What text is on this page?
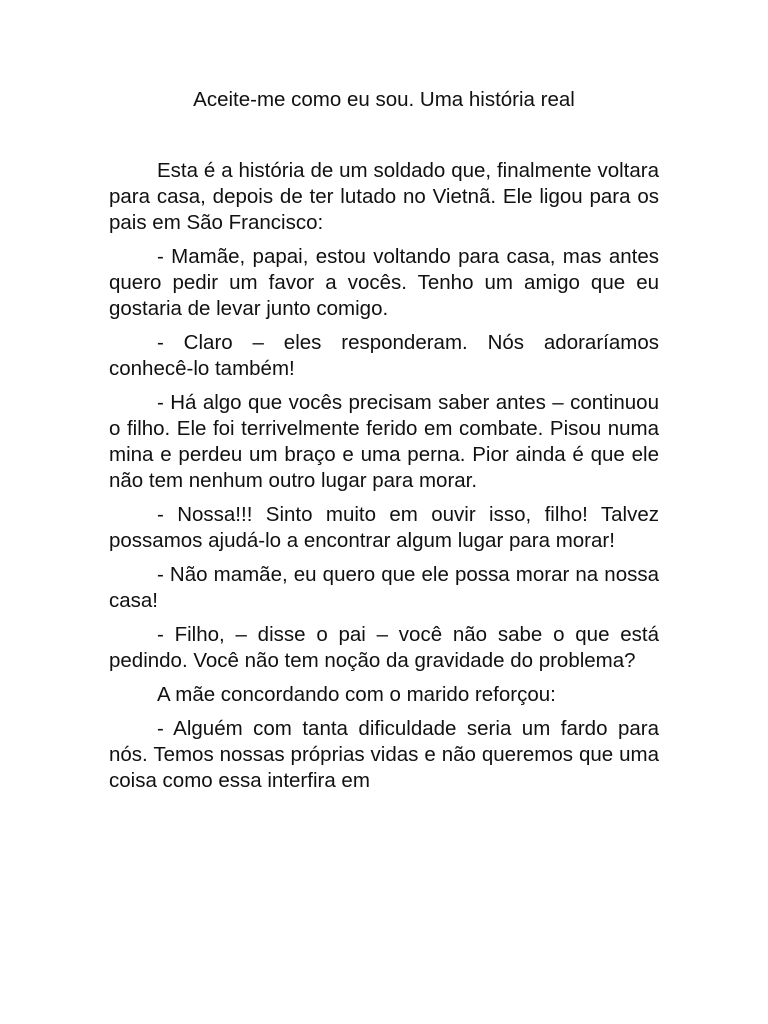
Aceite-me como eu sou. Uma história real

Esta é a história de um soldado que, finalmente voltara para casa, depois de ter lutado no Vietnã. Ele ligou para os pais em São Francisco:

- Mamãe, papai, estou voltando para casa, mas antes quero pedir um favor a vocês. Tenho um amigo que eu gostaria de levar junto comigo.

- Claro – eles responderam. Nós adoraríamos conhecê-lo também!

- Há algo que vocês precisam saber antes – continuou o filho. Ele foi terrivelmente ferido em combate. Pisou numa mina e perdeu um braço e uma perna. Pior ainda é que ele não tem nenhum outro lugar para morar.

- Nossa!!! Sinto muito em ouvir isso, filho! Talvez possamos ajudá-lo a encontrar algum lugar para morar!

- Não mamãe, eu quero que ele possa morar na nossa casa!

- Filho, – disse o pai – você não sabe o que está pedindo. Você não tem noção da gravidade do problema?

A mãe concordando com o marido reforçou:

- Alguém com tanta dificuldade seria um fardo para nós. Temos nossas próprias vidas e não queremos que uma coisa como essa interfira em
